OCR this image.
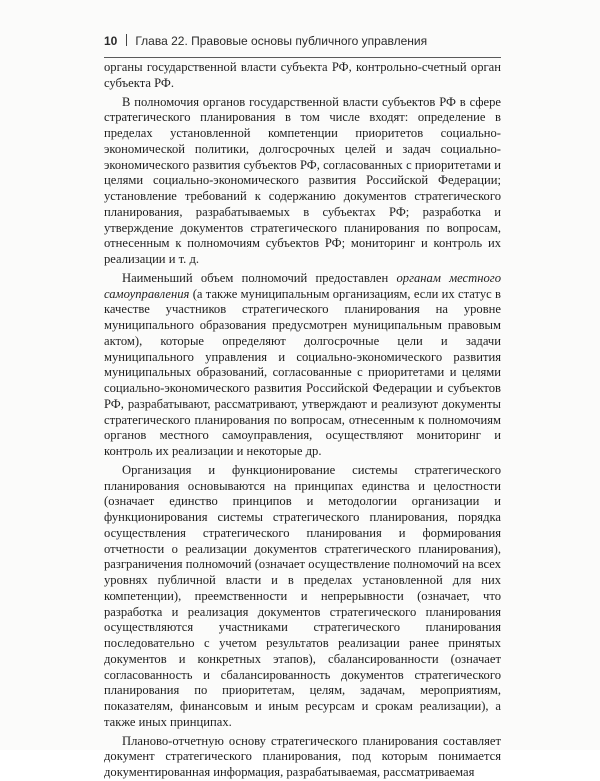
10 Глава 22. Правовые основы публичного управления

органы государственной власти субъекта РФ, контрольно-счетный орган субъекта РФ.

В полномочия органов государственной власти субъектов РФ в сфере стратегического планирования в том числе входят: определение в пределах установленной компетенции приоритетов социально-экономической политики, долгосрочных целей и задач социально-экономического развития субъектов РФ, согласованных с приоритетами и целями социально-экономического развития Российской Федерации; установление требований к содержанию документов стратегического планирования, разрабатываемых в субъектах РФ; разработка и утверждение документов стратегического планирования по вопросам, отнесенным к полномочиям субъектов РФ; мониторинг и контроль их реализации и т. д.

Наименьший объем полномочий предоставлен органам местного самоуправления (а также муниципальным организациям, если их статус в качестве участников стратегического планирования на уровне муниципального образования предусмотрен муниципальным правовым актом), которые определяют долгосрочные цели и задачи муниципального управления и социально-экономического развития муниципальных образований, согласованные с приоритетами и целями социально-экономического развития Российской Федерации и субъектов РФ, разрабатывают, рассматривают, утверждают и реализуют документы стратегического планирования по вопросам, отнесенным к полномочиям органов местного самоуправления, осуществляют мониторинг и контроль их реализации и некоторые др.

Организация и функционирование системы стратегического планирования основываются на принципах единства и целостности (означает единство принципов и методологии организации и функционирования системы стратегического планирования, порядка осуществления стратегического планирования и формирования отчетности о реализации документов стратегического планирования), разграничения полномочий (означает осуществление полномочий на всех уровнях публичной власти и в пределах установленной для них компетенции), преемственности и непрерывности (означает, что разработка и реализация документов стратегического планирования осуществляются участниками стратегического планирования последовательно с учетом результатов реализации ранее принятых документов и конкретных этапов), сбалансированности (означает согласованность и сбалансированность документов стратегического планирования по приоритетам, целям, задачам, мероприятиям, показателям, финансовым и иным ресурсам и срокам реализации), а также иных принципах.

Планово-отчетную основу стратегического планирования составляет документ стратегического планирования, под которым понимается документированная информация, разрабатываемая, рассматриваемая
